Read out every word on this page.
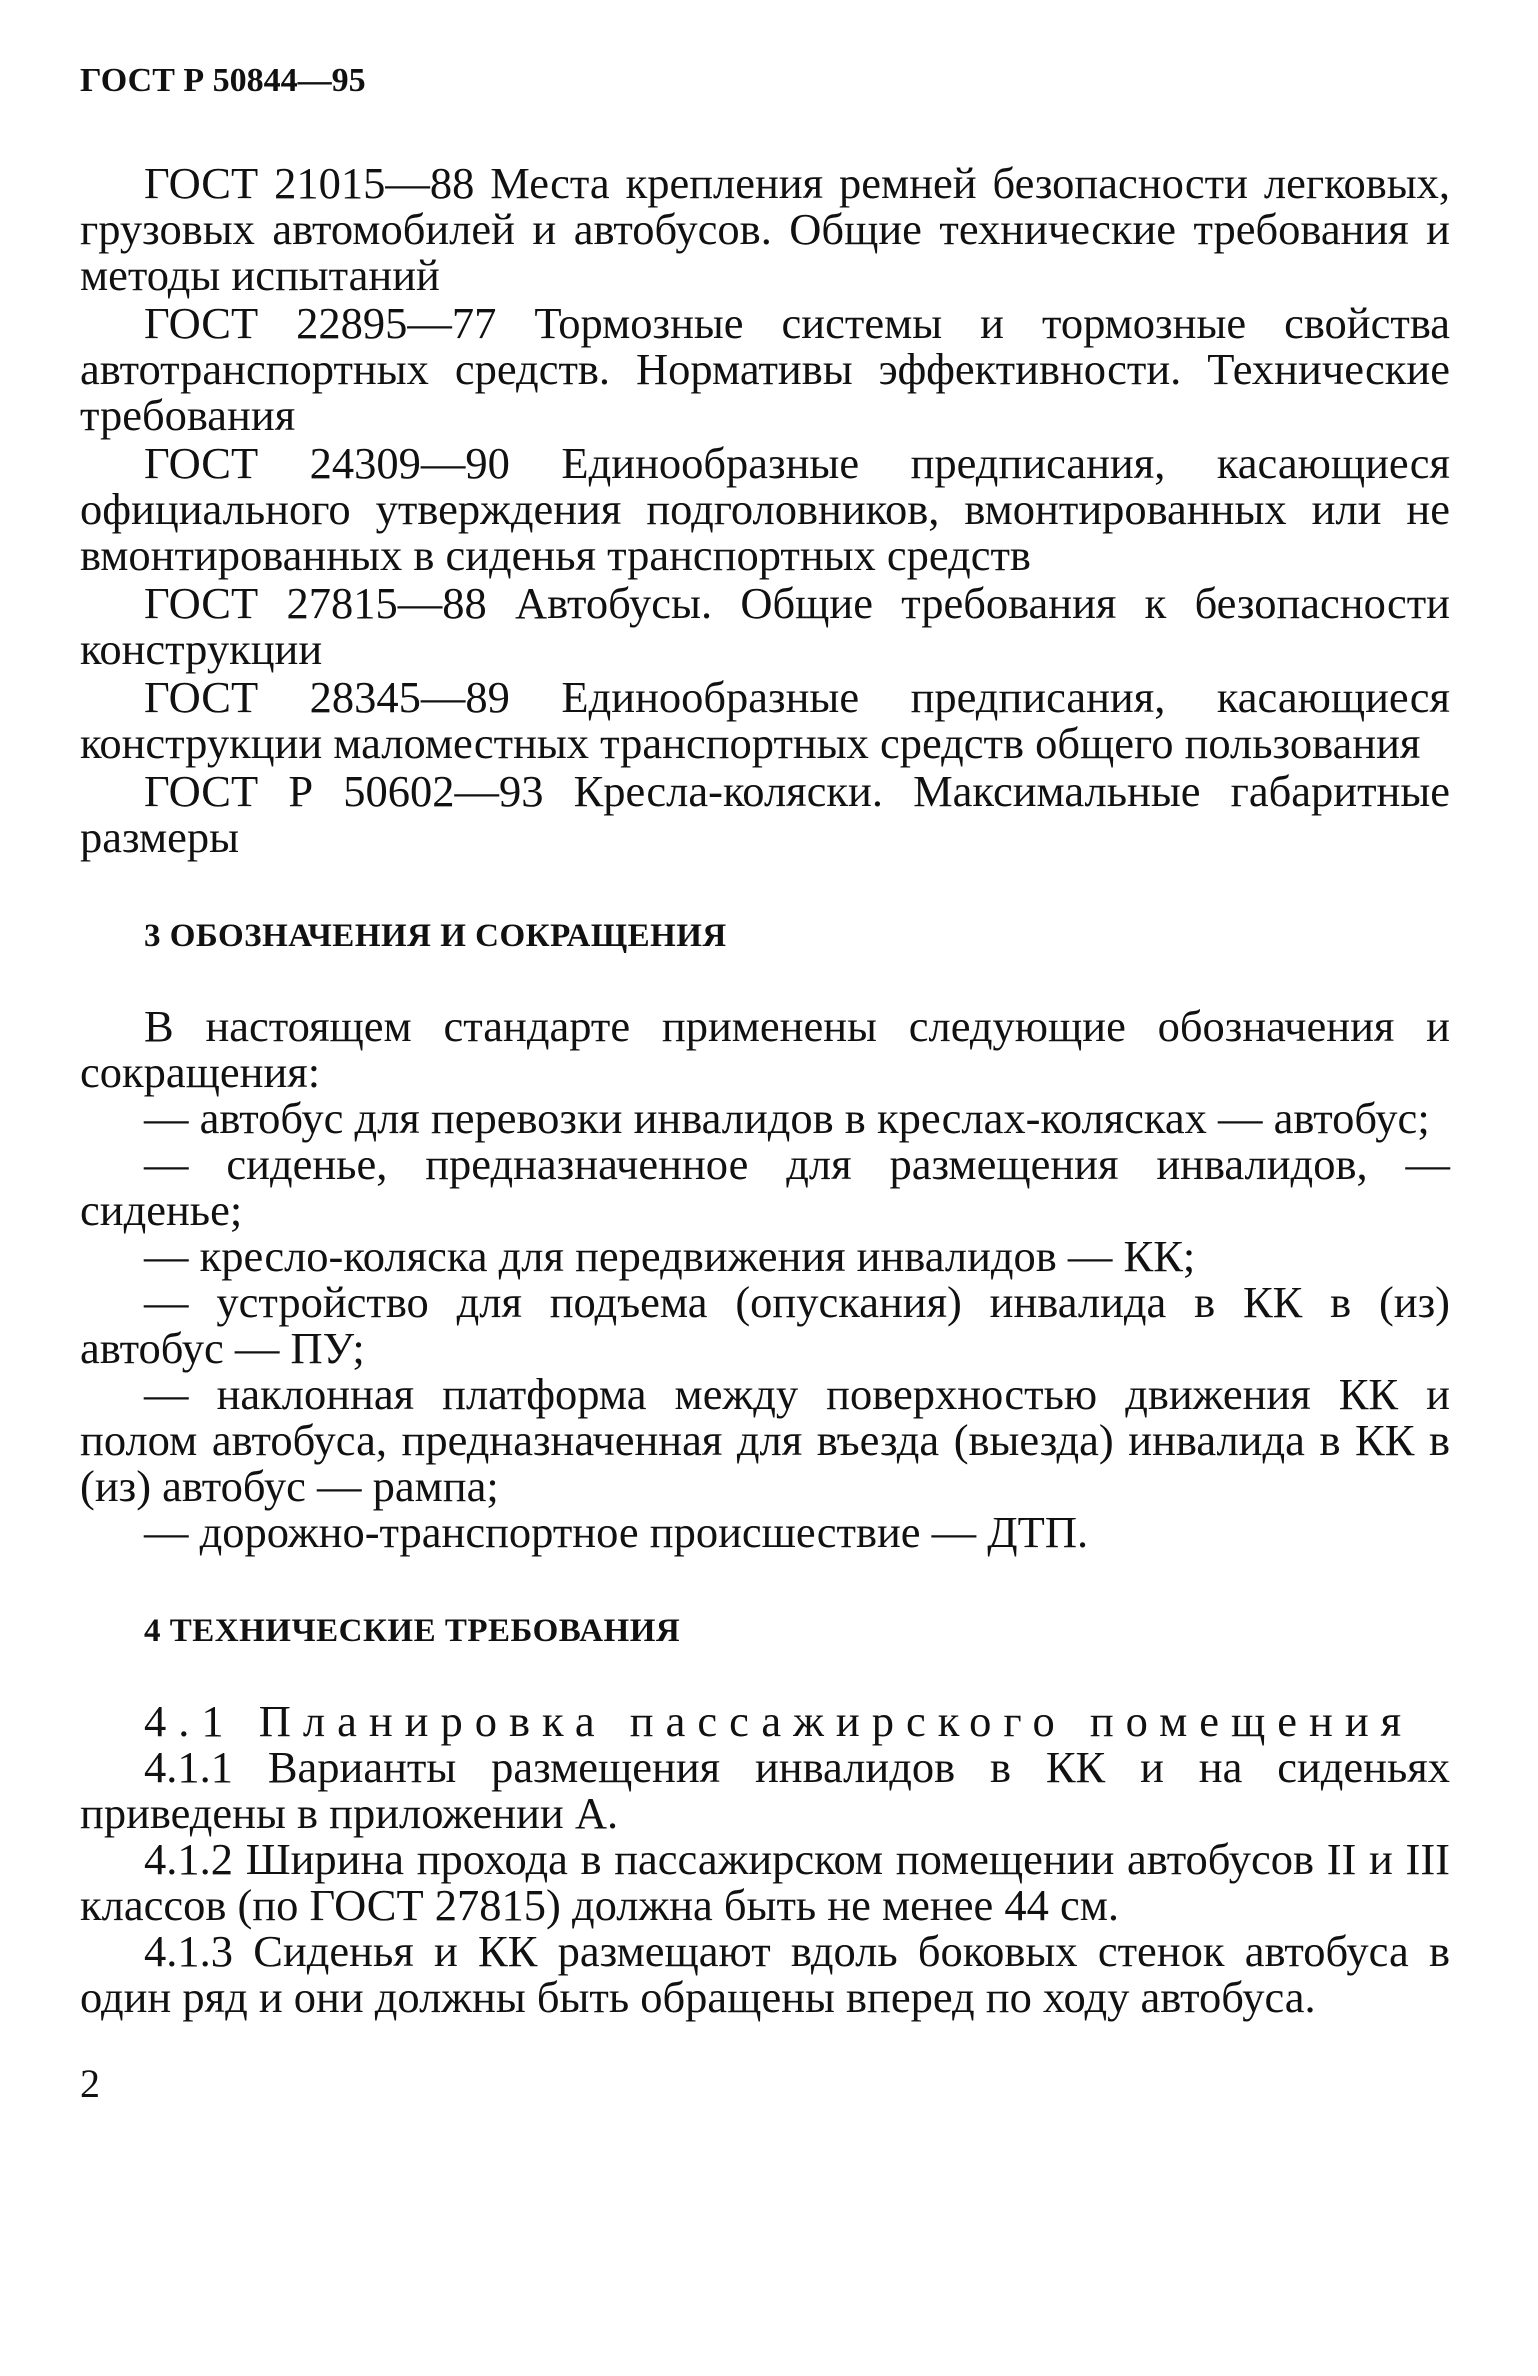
ГОСТ Р 50844—95

ГОСТ 21015—88 Места крепления ремней безопасности легковых, грузовых автомобилей и автобусов. Общие технические требования и методы испытаний

ГОСТ 22895—77 Тормозные системы и тормозные свойства автотранспортных средств. Нормативы эффективности. Технические требования

ГОСТ 24309—90 Единообразные предписания, касающиеся официального утверждения подголовников, вмонтированных или не вмонтированных в сиденья транспортных средств

ГОСТ 27815—88 Автобусы. Общие требования к безопасности конструкции

ГОСТ 28345—89 Единообразные предписания, касающиеся конструкции маломестных транспортных средств общего пользования

ГОСТ Р 50602—93 Кресла-коляски. Максимальные габаритные размеры

3 ОБОЗНАЧЕНИЯ И СОКРАЩЕНИЯ

В настоящем стандарте применены следующие обозначения и сокращения:

— автобус для перевозки инвалидов в креслах-колясках — автобус;

— сиденье, предназначенное для размещения инвалидов, — сиденье;

— кресло-коляска для передвижения инвалидов — КК;

— устройство для подъема (опускания) инвалида в КК в (из) автобус — ПУ;

— наклонная платформа между поверхностью движения КК и полом автобуса, предназначенная для въезда (выезда) инвалида в КК в (из) автобус — рампа;

— дорожно-транспортное происшествие — ДТП.

4 ТЕХНИЧЕСКИЕ ТРЕБОВАНИЯ

4.1 Планировка пассажирского помещения

4.1.1 Варианты размещения инвалидов в КК и на сиденьях приведены в приложении А.

4.1.2 Ширина прохода в пассажирском помещении автобусов II и III классов (по ГОСТ 27815) должна быть не менее 44 см.

4.1.3 Сиденья и КК размещают вдоль боковых стенок автобуса в один ряд и они должны быть обращены вперед по ходу автобуса.

2
